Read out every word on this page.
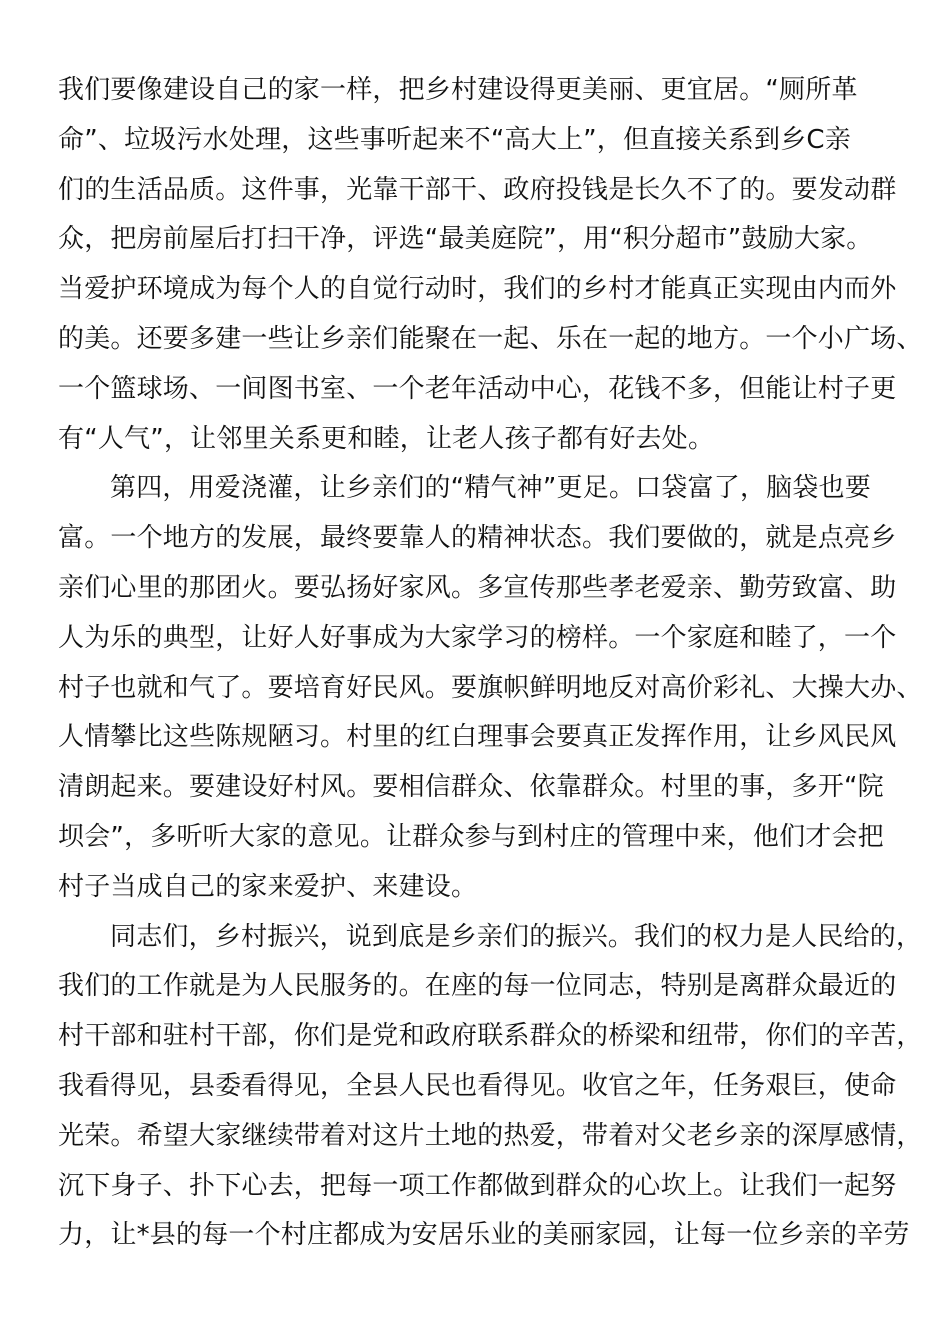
我们要像建设自己的家一样，把乡村建设得更美丽、更宜居。“厕所革
命”、垃圾污水处理，这些事听起来不“高大上”，但直接关系到乡C亲
们的生活品质。这件事，光靠干部干、政府投钱是长久不了的。要发动群
众，把房前屋后打扫干净，评选“最美庭院”，用“积分超市”鼓励大家。
当爱护环境成为每个人的自觉行动时，我们的乡村才能真正实现由内而外
的美。还要多建一些让乡亲们能聚在一起、乐在一起的地方。一个小广场、
一个篮球场、一间图书室、一个老年活动中心，花钱不多，但能让村子更
有“人气”，让邻里关系更和睦，让老人孩子都有好去处。
第四，用爱浇灌，让乡亲们的“精气神”更足。口袋富了，脑袋也要
富。一个地方的发展，最终要靠人的精神状态。我们要做的，就是点亮乡
亲们心里的那团火。要弘扬好家风。多宣传那些孝老爱亲、勤劳致富、助
人为乐的典型，让好人好事成为大家学习的榜样。一个家庭和睦了，一个
村子也就和气了。要培育好民风。要旗帜鲜明地反对高价彩礼、大操大办、
人情攀比这些陈规陋习。村里的红白理事会要真正发挥作用，让乡风民风
清朗起来。要建设好村风。要相信群众、依靠群众。村里的事，多开“院
坝会”，多听听大家的意见。让群众参与到村庄的管理中来，他们才会把
村子当成自己的家来爱护、来建设。
同志们，乡村振兴，说到底是乡亲们的振兴。我们的权力是人民给的，
我们的工作就是为人民服务的。在座的每一位同志，特别是离群众最近的
村干部和驻村干部，你们是党和政府联系群众的桥梁和纽带，你们的辛苦，
我看得见，县委看得见，全县人民也看得见。收官之年，任务艰巨，使命
光荣。希望大家继续带着对这片土地的热爱，带着对父老乡亲的深厚感情，
沉下身子、扑下心去，把每一项工作都做到群众的心坎上。让我们一起努
力，让*县的每一个村庄都成为安居乐业的美丽家园，让每一位乡亲的辛劳
